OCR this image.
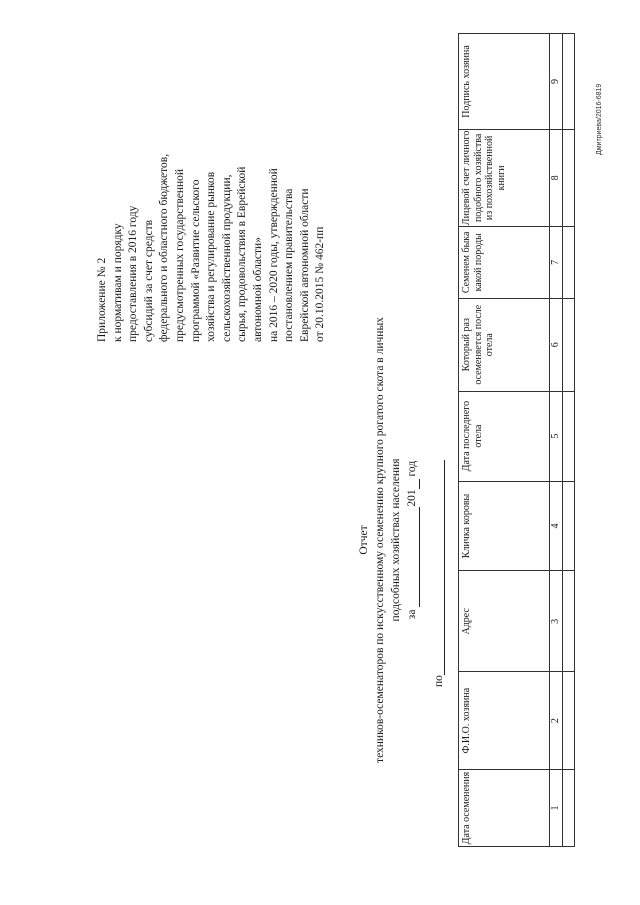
Приложение № 2 к нормативам и порядку предоставления в 2016 году субсидий за счет средств федерального и областного бюджетов, предусмотренных государственной программой «Развитие сельского хозяйства и регулирование рынков сельскохозяйственной продукции, сырья, продовольствия в Еврейской автономной области» на 2016 – 2020 годы, утвержденной постановлением правительства Еврейской автономной области от 20.10.2015 № 462-пп
Отчет техников-осеменаторов по искусственному осеменению крупного рогатого скота в личных подсобных хозяйствах населения за 201 год
по
Дата осеменения	Ф.И.О. хозяина	Адрес	Кличка коровы	Дата последнего отела	Который раз осеменяется после отела	Семенем быка какой породы	Лицевой счет личного подобного хозяйства из похозяйственной книги	Подпись хозяина
1	2	3	4	5	6	7	8	9

Дмитриева/2016-6819
